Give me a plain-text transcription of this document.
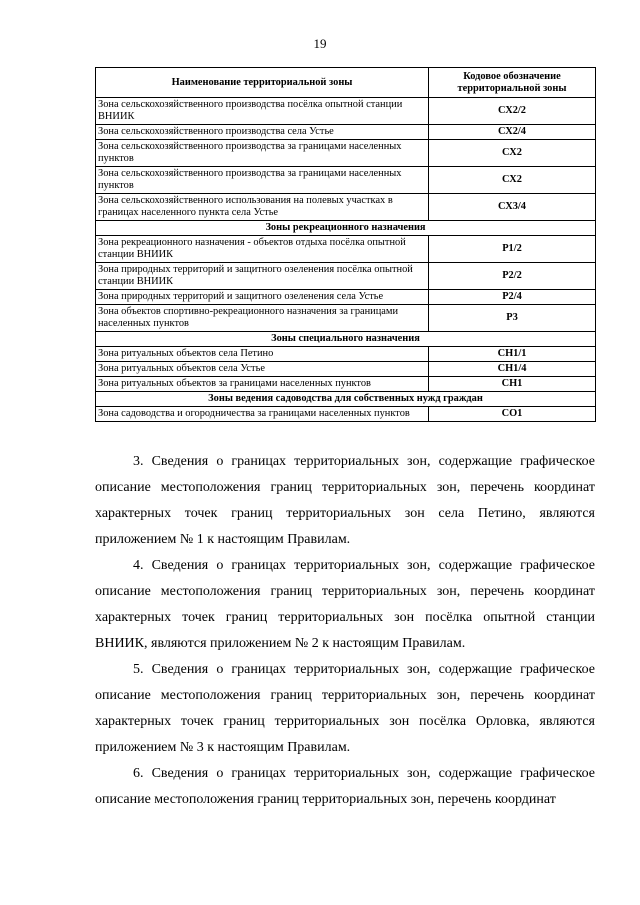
19
Наименование территориальной зоны	Кодовое обозначение территориальной зоны
Зона сельскохозяйственного производства посёлка опытной станции ВНИИК	СХ2/2
Зона сельскохозяйственного производства села Устье	СХ2/4
Зона сельскохозяйственного производства за границами населенных пунктов	СХ2
Зона сельскохозяйственного производства за границами населенных пунктов	СХ2
Зона сельскохозяйственного использования на полевых участках в границах населенного пункта села Устье	СХ3/4
Зоны рекреационного назначения	
Зона рекреационного назначения - объектов отдыха посёлка опытной станции ВНИИК	Р1/2
Зона природных территорий и защитного озеленения посёлка опытной станции ВНИИК	Р2/2
Зона природных территорий и защитного озеленения села Устье	Р2/4
Зона объектов спортивно-рекреационного назначения за границами населенных пунктов	Р3
Зоны специального назначения	
Зона ритуальных объектов села Петино	СН1/1
Зона ритуальных объектов села Устье	СН1/4
Зона ритуальных объектов за границами населенных пунктов	СН1
Зоны ведения садоводства для собственных нужд граждан	
Зона садоводства и огородничества за границами населенных пунктов	СО1

3. Сведения о границах территориальных зон, содержащие графическое описание местоположения границ территориальных зон, перечень координат характерных точек границ территориальных зон села Петино, являются приложением № 1 к настоящим Правилам.

4. Сведения о границах территориальных зон, содержащие графическое описание местоположения границ территориальных зон, перечень координат характерных точек границ территориальных зон посёлка опытной станции ВНИИК, являются приложением № 2 к настоящим Правилам.

5. Сведения о границах территориальных зон, содержащие графическое описание местоположения границ территориальных зон, перечень координат характерных точек границ территориальных зон посёлка Орловка, являются приложением № 3 к настоящим Правилам.

6. Сведения о границах территориальных зон, содержащие графическое описание местоположения границ территориальных зон, перечень координат
